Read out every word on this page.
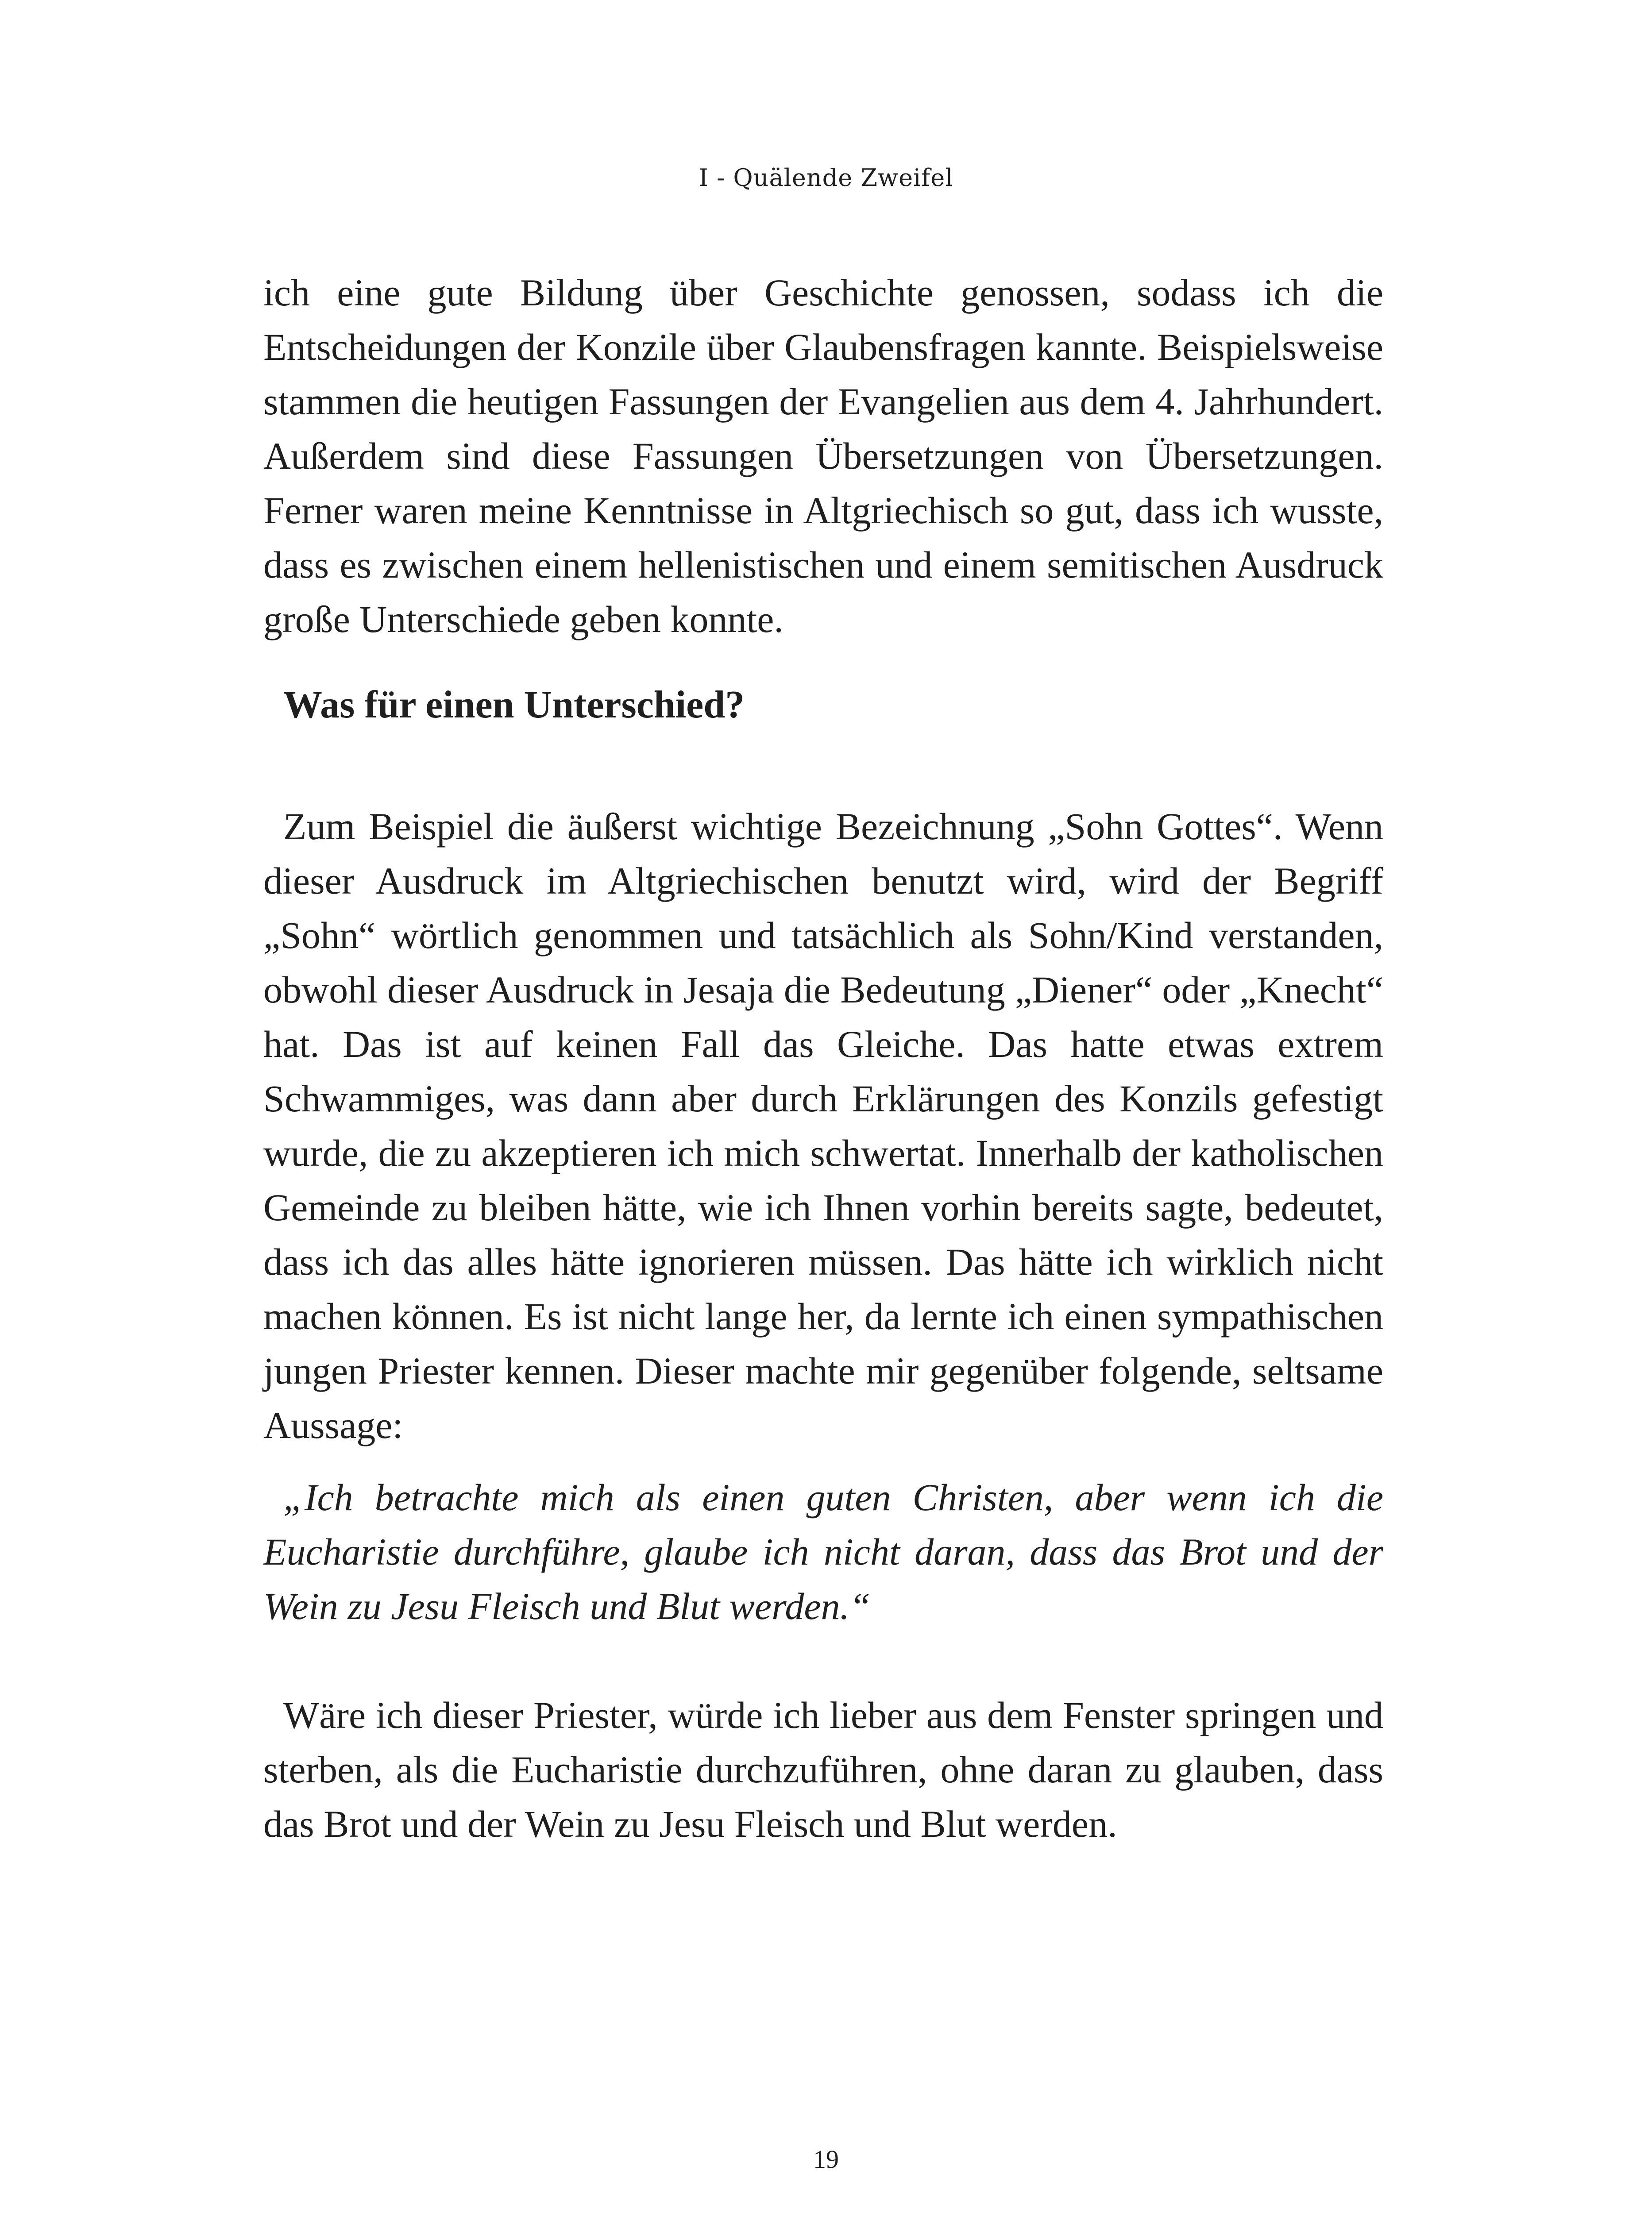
I - Quälende Zweifel

ich eine gute Bildung über Geschichte genossen, sodass ich die Entscheidungen der Konzile über Glaubensfragen kannte. Beispielsweise stammen die heutigen Fassungen der Evangelien aus dem 4. Jahrhundert. Außerdem sind diese Fassungen Übersetzungen von Übersetzungen. Ferner waren meine Kenntnisse in Altgriechisch so gut, dass ich wusste, dass es zwischen einem hellenistischen und einem semitischen Ausdruck große Unterschiede geben konnte.

Was für einen Unterschied?

Zum Beispiel die äußerst wichtige Bezeichnung „Sohn Gottes“. Wenn dieser Ausdruck im Altgriechischen benutzt wird, wird der Begriff „Sohn“ wörtlich genommen und tatsächlich als Sohn/Kind verstanden, obwohl dieser Ausdruck in Jesaja die Bedeutung „Diener“ oder „Knecht“ hat. Das ist auf keinen Fall das Gleiche. Das hatte etwas extrem Schwammiges, was dann aber durch Erklärungen des Konzils gefestigt wurde, die zu akzeptieren ich mich schwertat. Innerhalb der katholischen Gemeinde zu bleiben hätte, wie ich Ihnen vorhin bereits sagte, bedeutet, dass ich das alles hätte ignorieren müssen. Das hätte ich wirklich nicht machen können. Es ist nicht lange her, da lernte ich einen sympathischen jungen Priester kennen. Dieser machte mir gegenüber folgende, seltsame Aussage:

„Ich betrachte mich als einen guten Christen, aber wenn ich die Eucharistie durchführe, glaube ich nicht daran, dass das Brot und der Wein zu Jesu Fleisch und Blut werden.“

Wäre ich dieser Priester, würde ich lieber aus dem Fenster springen und sterben, als die Eucharistie durchzuführen, ohne daran zu glauben, dass das Brot und der Wein zu Jesu Fleisch und Blut werden.

19
